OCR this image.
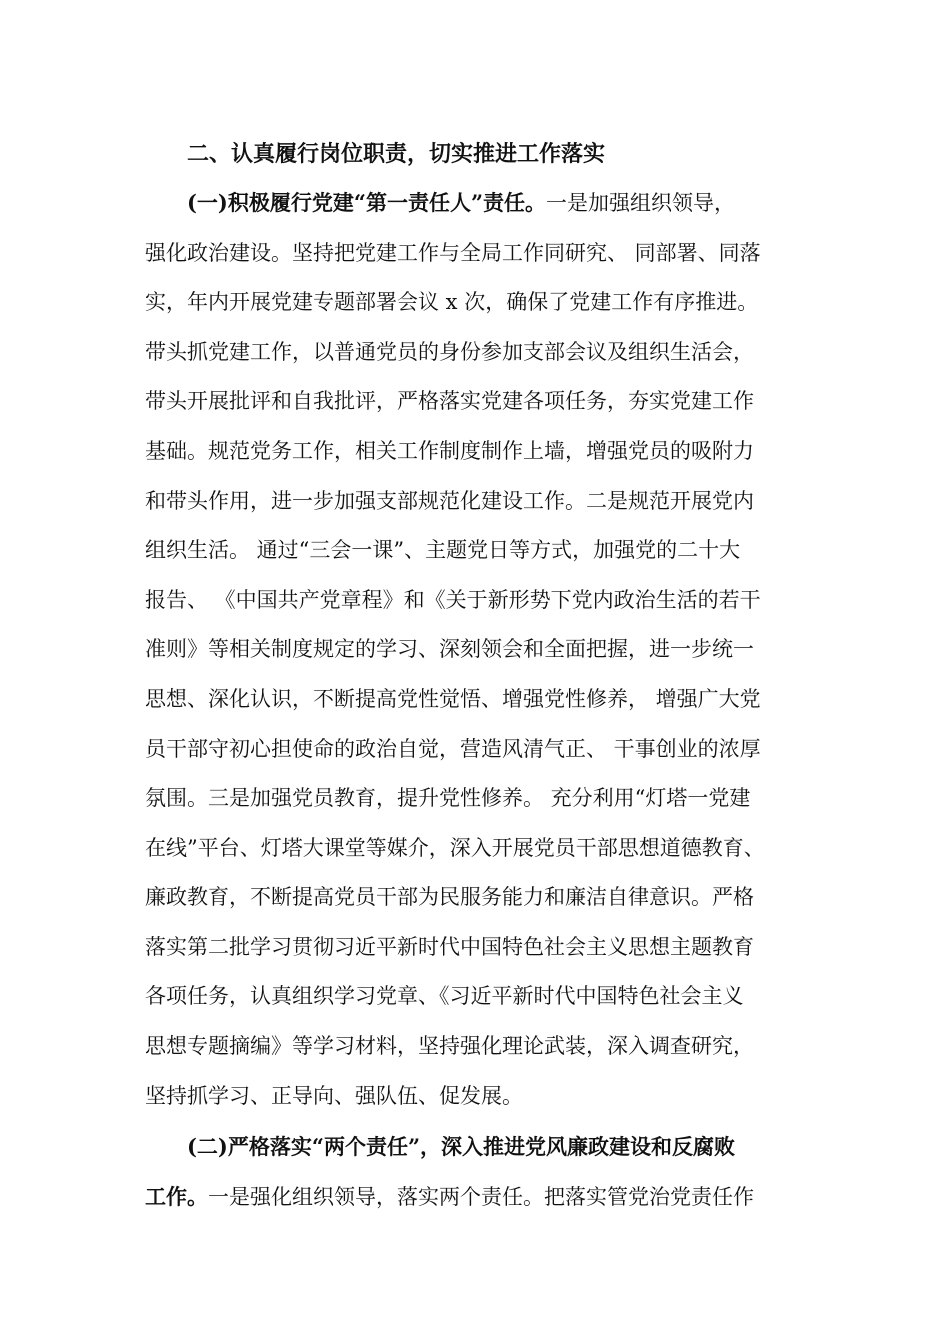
二、认真履行岗位职责，切实推进工作落实
(一)积极履行党建“第一责任人”责任。一是加强组织领导，
强化政治建设。坚持把党建工作与全局工作同研究、 同部署、同落
实，年内开展党建专题部署会议 x 次，确保了党建工作有序推进。
带头抓党建工作，以普通党员的身份参加支部会议及组织生活会，
带头开展批评和自我批评，严格落实党建各项任务，夯实党建工作
基础。规范党务工作，相关工作制度制作上墙，增强党员的吸附力
和带头作用，进一步加强支部规范化建设工作。二是规范开展党内
组织生活。 通过“三会一课”、主题党日等方式，加强党的二十大
报告、 《中国共产党章程》和《关于新形势下党内政治生活的若干
准则》等相关制度规定的学习、深刻领会和全面把握，进一步统一
思想、深化认识，不断提高党性觉悟、增强党性修养， 增强广大党
员干部守初心担使命的政治自觉，营造风清气正、 干事创业的浓厚
氛围。三是加强党员教育，提升党性修养。 充分利用“灯塔一党建
在线”平台、灯塔大课堂等媒介，深入开展党员干部思想道德教育、
廉政教育，不断提高党员干部为民服务能力和廉洁自律意识。严格
落实第二批学习贯彻习近平新时代中国特色社会主义思想主题教育
各项任务，认真组织学习党章、《习近平新时代中国特色社会主义
思想专题摘编》等学习材料，坚持强化理论武装，深入调查研究，
坚持抓学习、正导向、强队伍、促发展。
(二)严格落实“两个责任”，深入推进党风廉政建设和反腐败
工作。一是强化组织领导，落实两个责任。把落实管党治党责任作
